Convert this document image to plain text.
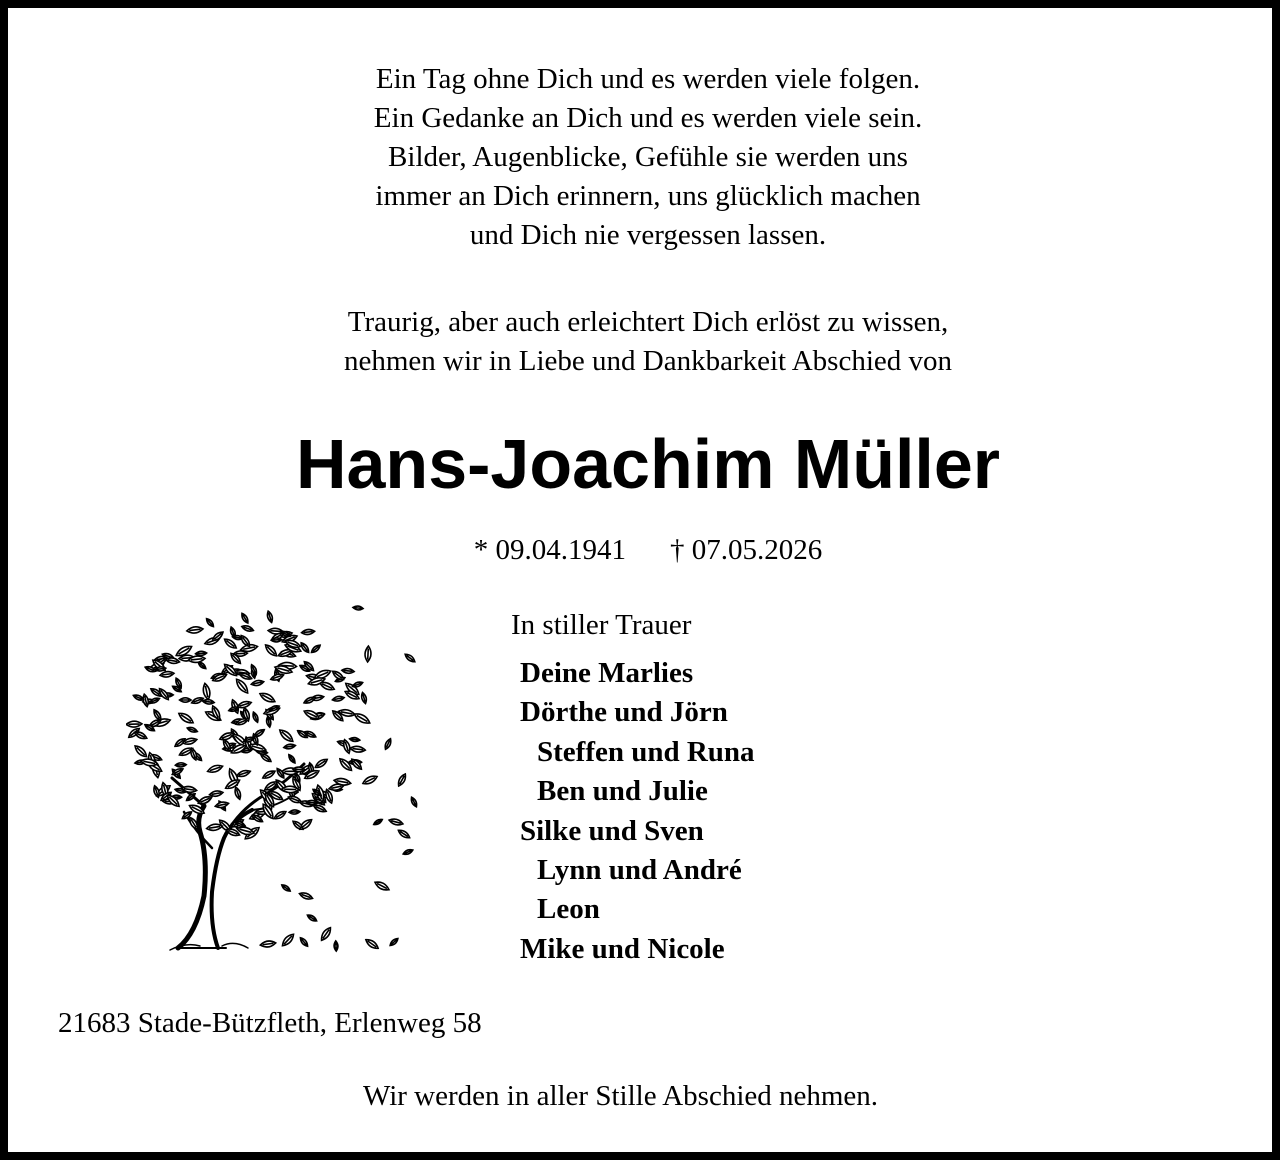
Ein Tag ohne Dich und es werden viele folgen.
Ein Gedanke an Dich und es werden viele sein.
Bilder, Augenblicke, Gefühle sie werden uns
immer an Dich erinnern, uns glücklich machen
und Dich nie vergessen lassen.
Traurig, aber auch erleichtert Dich erlöst zu wissen,
nehmen wir in Liebe und Dankbarkeit Abschied von
Hans-Joachim Müller
* 09.04.1941 † 07.05.2026
In stiller Trauer
Deine Marlies
Dörthe und Jörn
Steffen und Runa
Ben und Julie
Silke und Sven
Lynn und André
Leon
Mike und Nicole
21683 Stade-Bützfleth, Erlenweg 58
Wir werden in aller Stille Abschied nehmen.
